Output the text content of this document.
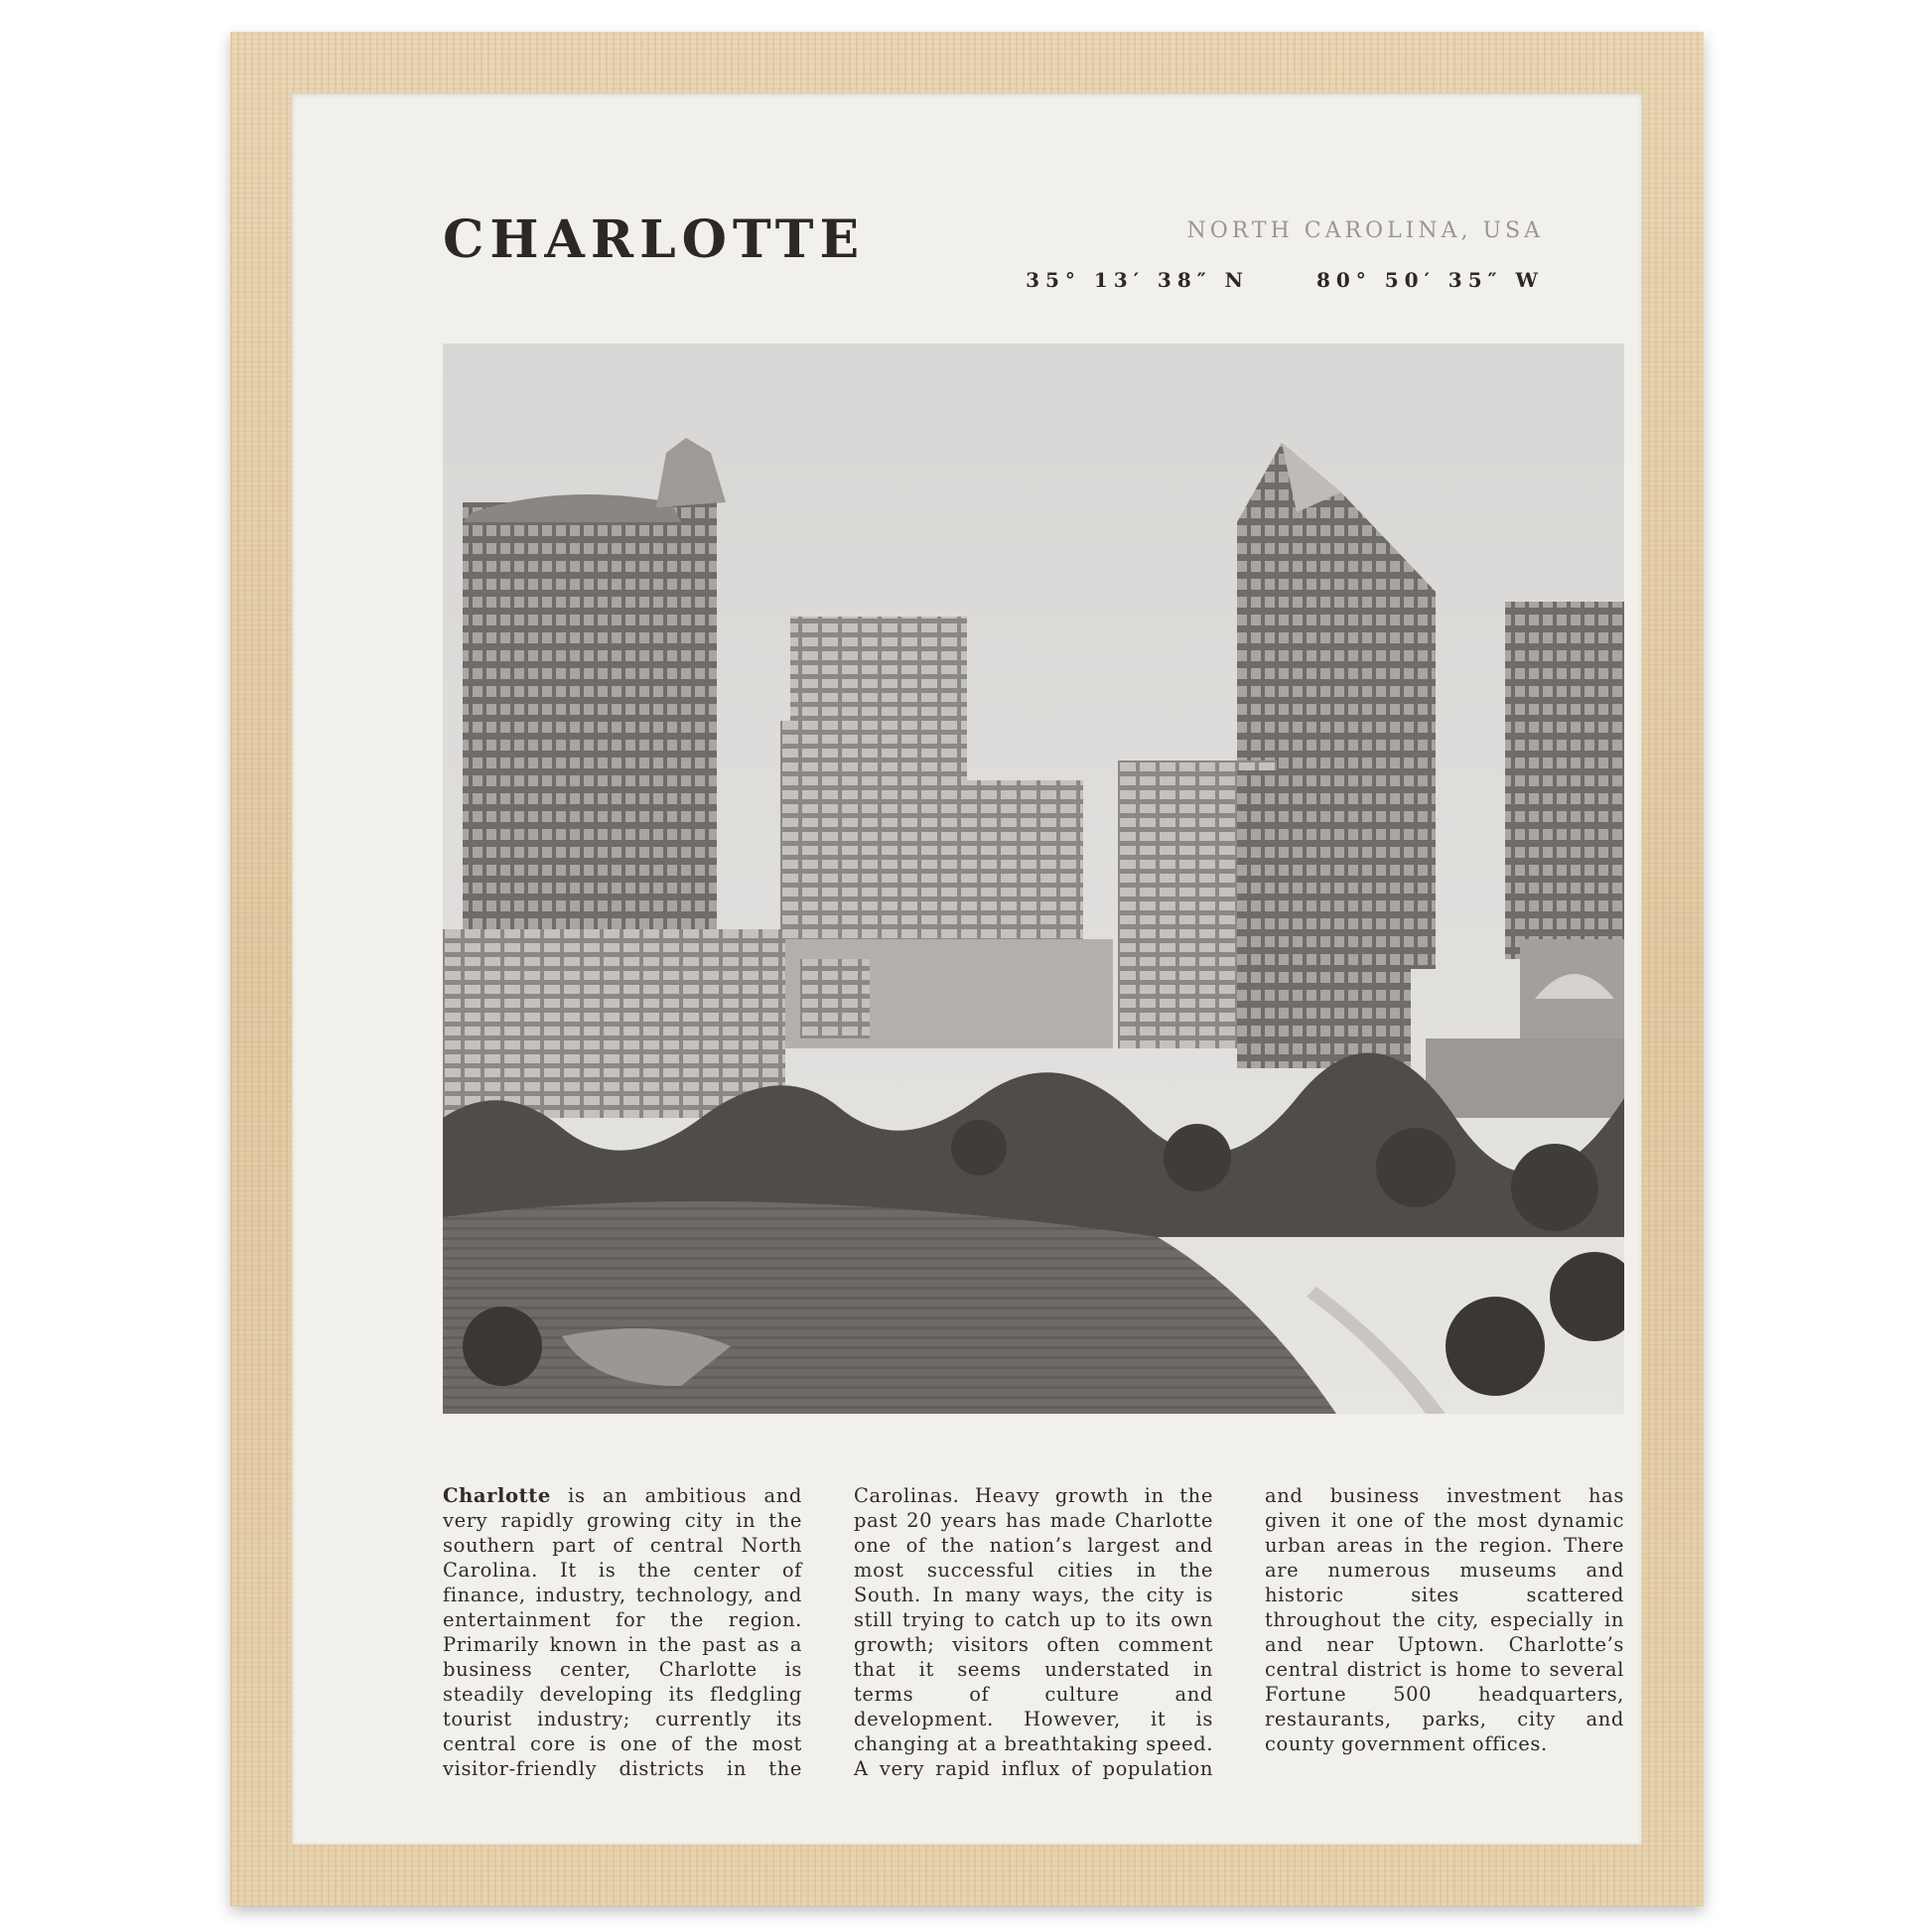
CHARLOTTE	NORTH CAROLINA, USA
35° 13′ 38″ N	80° 50′ 35″ W
Charlotte is an ambitious and very rapidly growing city in the southern part of central North Carolina. It is the center of finance, industry, technology, and entertainment for the region. Primarily known in the past as a business center, Charlotte is steadily developing its fledgling tourist industry; currently its central core is one of the most visitor-friendly districts in the Carolinas. Heavy growth in the past 20 years has made Charlotte one of the nation’s largest and most successful cities in the South. In many ways, the city is still trying to catch up to its own growth; visitors often comment that it seems understated in terms of culture and development. However, it is changing at a breathtaking speed. A very rapid influx of population and business investment has given it one of the most dynamic urban areas in the region. There are numerous museums and historic sites scattered throughout the city, especially in and near Uptown. Charlotte’s central district is home to several Fortune 500 headquarters, restaurants, parks, city and county government offices.
